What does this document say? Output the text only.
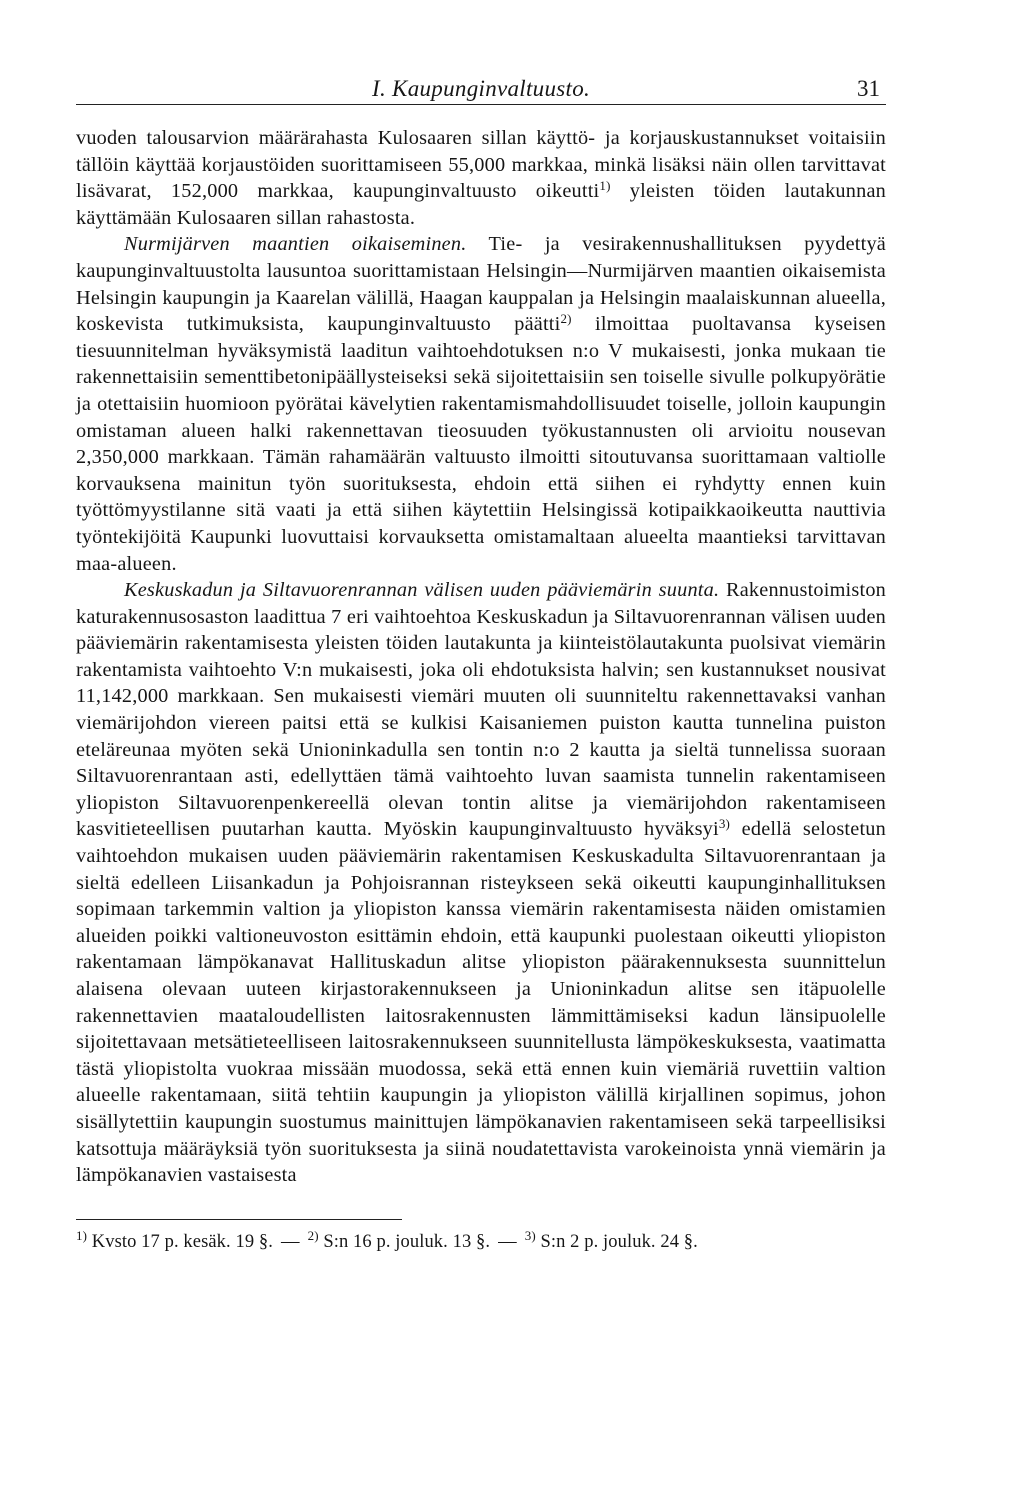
I. Kaupunginvaltuusto.	31

vuoden talousarvion määrärahasta Kulosaaren sillan käyttö- ja korjauskustannukset voitaisiin tällöin käyttää korjaustöiden suorittamiseen 55,000 markkaa, minkä lisäksi näin ollen tarvittavat lisävarat, 152,000 markkaa, kaupunginvaltuusto oikeutti$^{1)}$ yleisten töiden lautakunnan käyttämään Kulosaaren sillan rahastosta.

Nurmijärven maantien oikaiseminen. Tie- ja vesirakennushallituksen pyydettyä kaupunginvaltuustolta lausuntoa suorittamistaan Helsingin—Nurmijärven maantien oikaisemista Helsingin kaupungin ja Kaarelan välillä, Haagan kauppalan ja Helsingin maalaiskunnan alueella, koskevista tutkimuksista, kaupunginvaltuusto päätti$^{2)}$ ilmoittaa puoltavansa kyseisen tiesuunnitelman hyväksymistä laaditun vaihtoehdotuksen n:o V mukaisesti, jonka mukaan tie rakennettaisiin sementtibetonipäällysteiseksi sekä sijoitettaisiin sen toiselle sivulle polkupyörätie ja otettaisiin huomioon pyörätai kävelytien rakentamismahdollisuudet toiselle, jolloin kaupungin omistaman alueen halki rakennettavan tieosuuden työkustannusten oli arvioitu nousevan 2,350,000 markkaan. Tämän rahamäärän valtuusto ilmoitti sitoutuvansa suorittamaan valtiolle korvauksena mainitun työn suorituksesta, ehdoin että siihen ei ryhdytty ennen kuin työttömyystilanne sitä vaati ja että siihen käytettiin Helsingissä kotipaikkaoikeutta nauttivia työntekijöitä Kaupunki luovuttaisi korvauksetta omistamaltaan alueelta maantieksi tarvittavan maa-alueen.

Keskuskadun ja Siltavuorenrannan välisen uuden pääviemärin suunta. Rakennustoimiston katurakennusosaston laadittua 7 eri vaihtoehtoa Keskuskadun ja Siltavuorenrannan välisen uuden pääviemärin rakentamisesta yleisten töiden lautakunta ja kiinteistölautakunta puolsivat viemärin rakentamista vaihtoehto V:n mukaisesti, joka oli ehdotuksista halvin; sen kustannukset nousivat 11,142,000 markkaan. Sen mukaisesti viemäri muuten oli suunniteltu rakennettavaksi vanhan viemärijohdon viereen paitsi että se kulkisi Kaisaniemen puiston kautta tunnelina puiston eteläreunaa myöten sekä Unioninkadulla sen tontin n:o 2 kautta ja sieltä tunnelissa suoraan Siltavuorenrantaan asti, edellyttäen tämä vaihtoehto luvan saamista tunnelin rakentamiseen yliopiston Siltavuorenpenkereellä olevan tontin alitse ja viemärijohdon rakentamiseen kasvitieteellisen puutarhan kautta. Myöskin kaupunginvaltuusto hyväksyi$^{3)}$ edellä selostetun vaihtoehdon mukaisen uuden pääviemärin rakentamisen Keskuskadulta Siltavuorenrantaan ja sieltä edelleen Liisankadun ja Pohjoisrannan risteykseen sekä oikeutti kaupunginhallituksen sopimaan tarkemmin valtion ja yliopiston kanssa viemärin rakentamisesta näiden omistamien alueiden poikki valtioneuvoston esittämin ehdoin, että kaupunki puolestaan oikeutti yliopiston rakentamaan lämpökanavat Hallituskadun alitse yliopiston päärakennuksesta suunnittelun alaisena olevaan uuteen kirjastorakennukseen ja Unioninkadun alitse sen itäpuolelle rakennettavien maataloudellisten laitosrakennusten lämmittämiseksi kadun länsipuolelle sijoitettavaan metsätieteelliseen laitosrakennukseen suunnitellusta lämpökeskuksesta, vaatimatta tästä yliopistolta vuokraa missään muodossa, sekä että ennen kuin viemäriä ruvettiin valtion alueelle rakentamaan, siitä tehtiin kaupungin ja yliopiston välillä kirjallinen sopimus, johon sisällytettiin kaupungin suostumus mainittujen lämpökanavien rakentamiseen sekä tarpeellisiksi katsottuja määräyksiä työn suorituksesta ja siinä noudatettavista varokeinoista ynnä viemärin ja lämpökanavien vastaisesta

$^{1)}$ Kvsto 17 p. kesäk. 19 §. — $^{2)}$ S:n 16 p. jouluk. 13 §. — $^{3)}$ S:n 2 p. jouluk. 24 §.
